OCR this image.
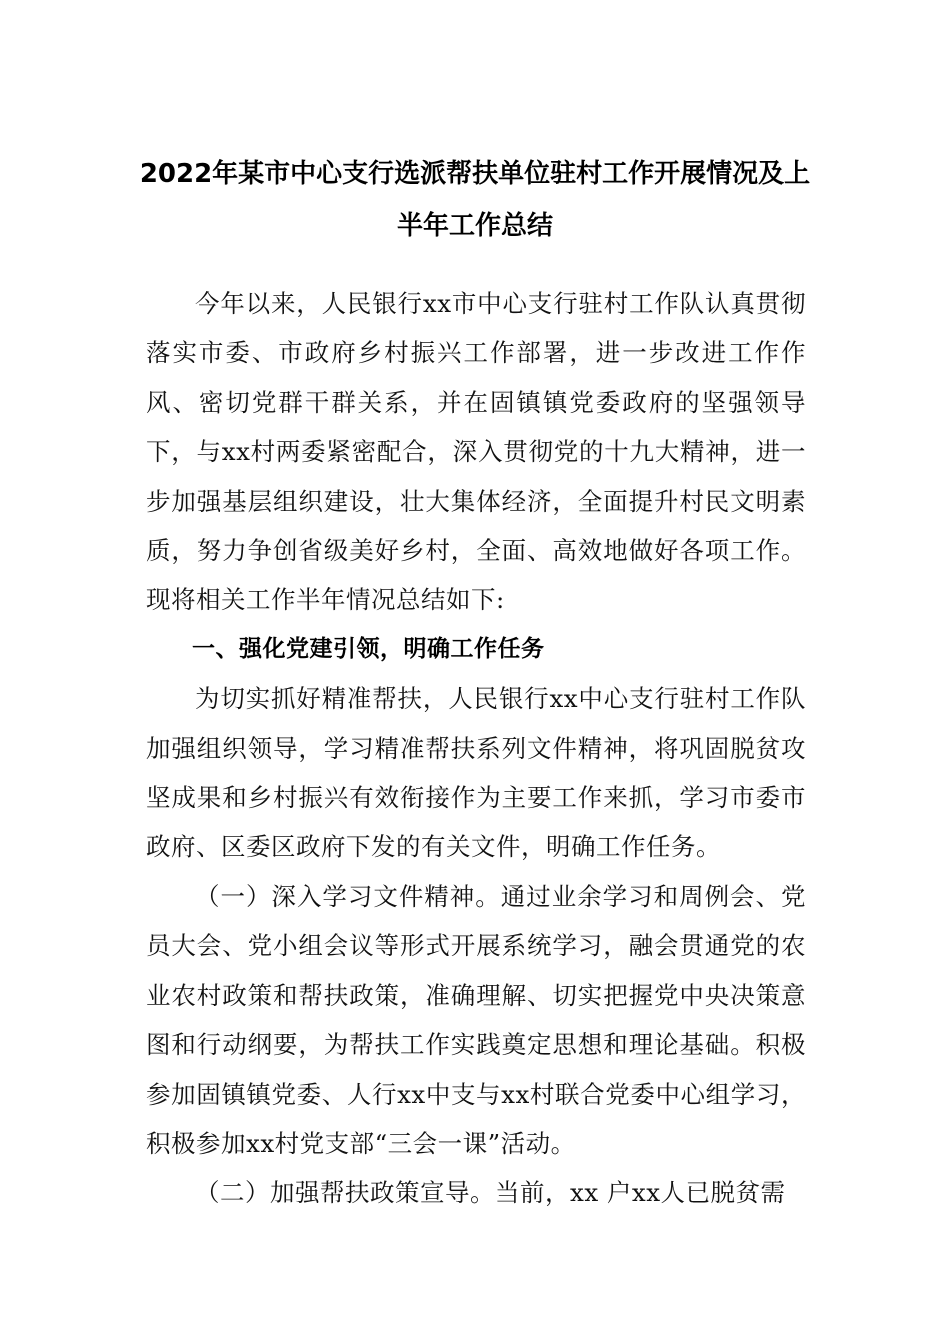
2022年某市中心支行选派帮扶单位驻村工作开展情况及上半年工作总结

今年以来，人民银行xx市中心支行驻村工作队认真贯彻落实市委、市政府乡村振兴工作部署，进一步改进工作作风、密切党群干群关系，并在固镇镇党委政府的坚强领导下，与xx村两委紧密配合，深入贯彻党的十九大精神，进一步加强基层组织建设，壮大集体经济，全面提升村民文明素质，努力争创省级美好乡村，全面、高效地做好各项工作。现将相关工作半年情况总结如下:

一、强化党建引领，明确工作任务

为切实抓好精准帮扶，人民银行xx中心支行驻村工作队加强组织领导，学习精准帮扶系列文件精神，将巩固脱贫攻坚成果和乡村振兴有效衔接作为主要工作来抓，学习市委市政府、区委区政府下发的有关文件，明确工作任务。

（一）深入学习文件精神。通过业余学习和周例会、党员大会、党小组会议等形式开展系统学习，融会贯通党的农业农村政策和帮扶政策，准确理解、切实把握党中央决策意图和行动纲要，为帮扶工作实践奠定思想和理论基础。积极参加固镇镇党委、人行xx中支与xx村联合党委中心组学习，积极参加xx村党支部“三会一课”活动。

（二）加强帮扶政策宣导。当前，xx 户xx人已脱贫需
